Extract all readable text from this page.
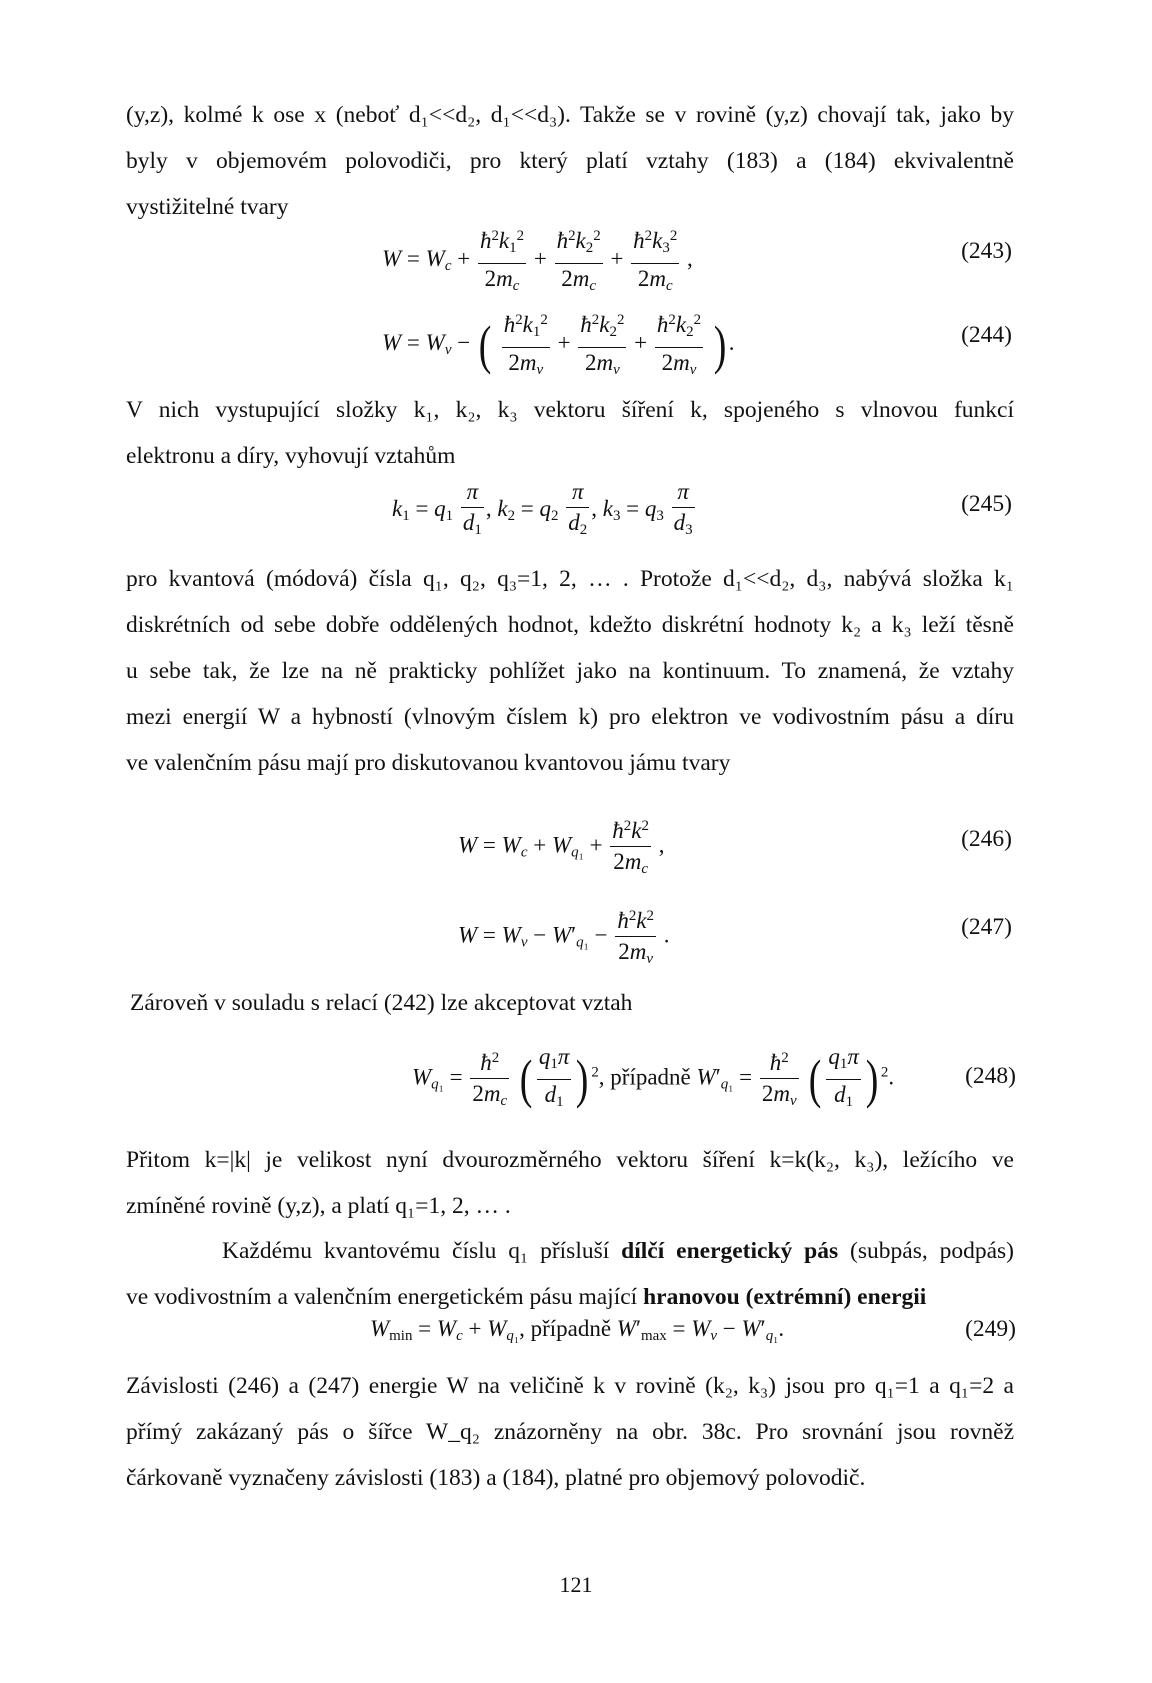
(y,z), kolmé k ose x (neboť d₁<<d₂, d₁<<d₃). Takže se v rovině (y,z) chovají tak, jako by
byly v objemovém polovodiči, pro který platí vztahy (183) a (184) ekvivalentně
vystižitelné tvary
$W = W_c + \frac{ħ^2k_1^2}{2m_c} + \frac{ħ^2k_2^2}{2m_c} + \frac{ħ^2k_3^2}{2m_c}$ ,	(243)
$W = W_v$ − ( $\frac{ħ^2k_1^2}{2m_v} + \frac{ħ^2k_2^2}{2m_v} + \frac{ħ^2k_2^2}{2m_v}$ ) .	(244)
V nich vystupující složky k₁, k₂, k₃ vektoru šíření k, spojeného s vlnovou funkcí
elektronu a díry, vyhovují vztahům
$k_1 = q_1 \frac{\pi}{d_1}$ , $k_2 = q_2 \frac{\pi}{d_2}$ , $k_3 = q_3 \frac{\pi}{d_3}$	(245)
pro kvantová (módová) čísla q₁, q₂, q₃=1, 2, … . Protože d₁<<d₂, d₃, nabývá složka k₁
diskrétních od sebe dobře oddělených hodnot, kdežto diskrétní hodnoty k₂ a k₃ leží těsně
u sebe tak, že lze na ně prakticky pohlížet jako na kontinuum. To znamená, že vztahy
mezi energií W a hybností (vlnovým číslem k) pro elektron ve vodivostním pásu a díru
ve valenčním pásu mají pro diskutovanou kvantovou jámu tvary
$W = W_c + W_{q_1} + \frac{ħ^2k^2}{2m_c}$ ,	(246)
$W = W_v - W'_{q_1} - \frac{ħ^2k^2}{2m_v}$ .	(247)
Zároveň v souladu s relací (242) lze akceptovat vztah
$W_{q_1} = \frac{ħ^2}{2m_c}$ ( $\frac{q_1\pi}{d_1}$ ) $^2$, případně $W'_{q_1} = \frac{ħ^2}{2m_v}$ ( $\frac{q_1\pi}{d_1}$ ) $^2$.	(248)
Přitom k=|k| je velikost nyní dvourozměrného vektoru šíření k=k(k₂, k₃), ležícího ve
zmíněné rovině (y,z), a platí q₁=1, 2, … .
Každému kvantovému číslu q₁ přísluší dílčí energetický pás (subpás, podpás)
ve vodivostním a valenčním energetickém pásu mající hranovou (extrémní) energii
$W_{min} = W_c + W_{q_1}$, případně $W'_{max} = W_v - W'_{q_1}$.	(249)
Závislosti (246) a (247) energie W na veličině k v rovině (k₂, k₃) jsou pro q₁=1 a q₁=2 a
přímý zakázaný pás o šířce W_q₂ znázorněny na obr. 38c. Pro srovnání jsou rovněž
čárkovaně vyznačeny závislosti (183) a (184), platné pro objemový polovodič.
121
